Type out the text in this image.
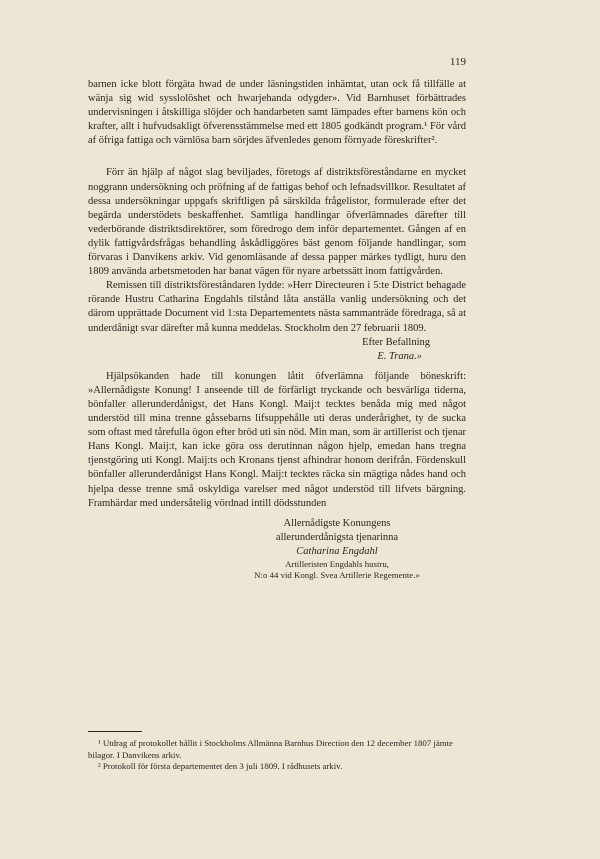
119

barnen icke blott förgäta hwad de under läsningstiden inhämtat, utan ock få tillfälle at wänja sig wid sysslolöshet och hwarjehanda odygder». Vid Barnhuset förbättrades undervisningen i åtskilliga slöjder och handarbeten samt lämpades efter barnens kön och krafter, allt i hufvudsakligt öfverensstämmelse med ett 1805 godkändt program.¹ För vård af öfriga fattiga och värnlösa barn sörjdes äfvenledes genom förnyade föreskrifter².

Förr än hjälp af något slag beviljades, företogs af distriktsföreståndarne en mycket noggrann undersökning och pröfning af de fattigas behof och lefnadsvillkor. Resultatet af dessa undersökningar uppgafs skriftligen på särskilda frågelistor, formulerade efter det begärda understödets beskaffenhet. Samtliga handlingar öfverlämnades därefter till vederbörande distriktsdirektörer, som föredrogo dem inför departementet. Gången af en dylik fattigvårdsfrågas behandling åskådliggöres bäst genom följande handlingar, som förvaras i Danvikens arkiv. Vid genomläsande af dessa papper märkes tydligt, huru den 1809 använda arbetsmetoden har banat vägen för nyare arbetssätt inom fattigvården.

Remissen till distriktsföreståndaren lydde: »Herr Directeuren i 5:te District behagade rörande Hustru Catharina Engdahls tilstånd låta anställa vanlig undersökning och det därom upprättade Document vid 1:sta Departementets nästa sammanträde föredraga, så at underdånigt svar därefter må kunna meddelas. Stockholm den 27 februarii 1809.

Efter Befallning

E. Trana.»

Hjälpsökanden hade till konungen låtit öfverlämna följande böneskrift: »Allernådigste Konung! I anseende till de förfärligt tryckande och besvärliga tiderna, bönfaller allerunderdånigst, det Hans Kongl. Maij:t tecktes benåda mig med något understöd till mina trenne gåssebarns lifsuppehålle uti deras underårighet, ty de sucka som oftast med tårefulla ögon efter bröd uti sin nöd. Min man, som är artillerist och tjenar Hans Kongl. Maij:t, kan icke göra oss derutinnan någon hjelp, emedan hans tregna tjenstgöring uti Kongl. Maij:ts och Kronans tjenst afhindrar honom derifrån. Fördenskull bönfaller allerunderdånigst Hans Kongl. Maij:t tecktes räcka sin mägtiga nådes hand och hjelpa desse trenne små oskyldiga varelser med något understöd till lifvets bärgning. Framhärdar med undersåtelig vördnad intill dödsstunden

Allernådigste Konungens

allerunderdånigsta tjenarinna

Catharina Engdahl

Artilleristen Engdahls hustru,

N:o 44 vid Kongl. Svea Artillerie Regemente.»

¹ Utdrag af protokollet hållit i Stockholms Allmänna Barnhus Direction den 12 december 1807 jämte bilagor. I Danvikens arkiv.

² Protokoll för första departementet den 3 juli 1809. I rådhusets arkiv.
